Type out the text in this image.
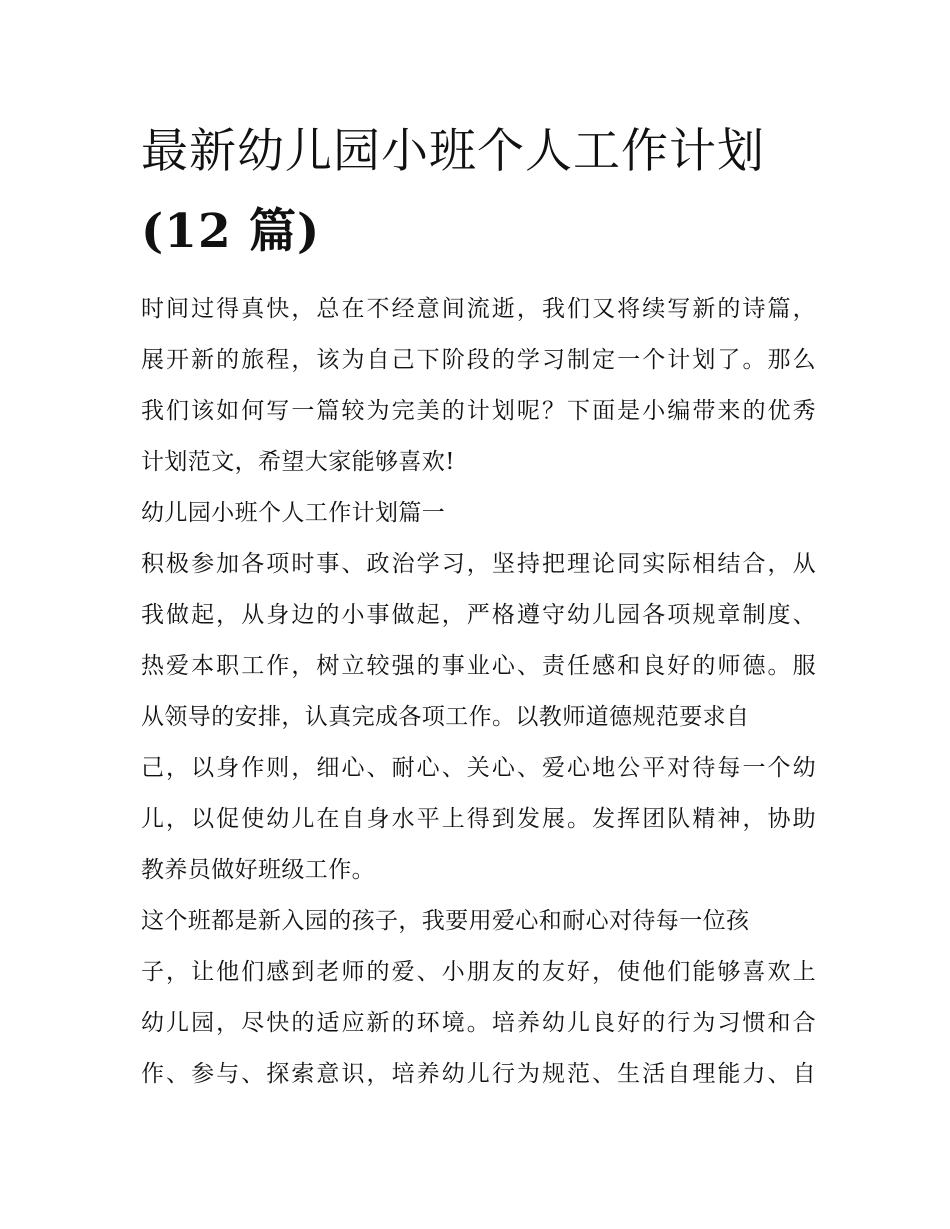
最新幼儿园小班个人工作计划
(12 篇)
时间过得真快，总在不经意间流逝，我们又将续写新的诗篇，
展开新的旅程，该为自己下阶段的学习制定一个计划了。那么
我们该如何写一篇较为完美的计划呢？下面是小编带来的优秀
计划范文，希望大家能够喜欢!
幼儿园小班个人工作计划篇一
积极参加各项时事、政治学习，坚持把理论同实际相结合，从
我做起，从身边的小事做起，严格遵守幼儿园各项规章制度、
热爱本职工作，树立较强的事业心、责任感和良好的师德。服
从领导的安排，认真完成各项工作。以教师道德规范要求自
己，以身作则，细心、耐心、关心、爱心地公平对待每一个幼
儿，以促使幼儿在自身水平上得到发展。发挥团队精神，协助
教养员做好班级工作。
这个班都是新入园的孩子，我要用爱心和耐心对待每一位孩
子，让他们感到老师的爱、小朋友的友好，使他们能够喜欢上
幼儿园，尽快的适应新的环境。培养幼儿良好的行为习惯和合
作、参与、探索意识，培养幼儿行为规范、生活自理能力、自
